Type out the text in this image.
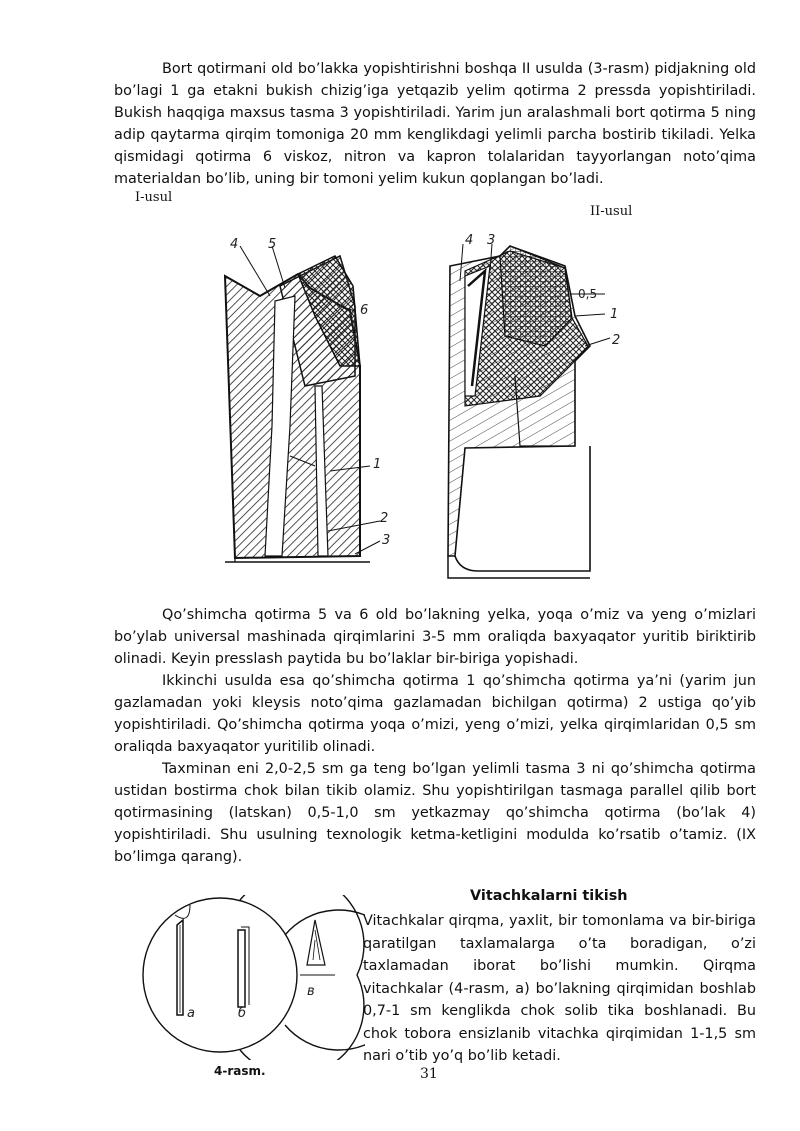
Bort qotirmani old bo’lakka yopishtirishni boshqa II usulda (3-rasm) pidjakning old bo’lagi 1 ga etakni bukish chizig’iga yetqazib yelim qotirma 2 pressda yopishtiriladi. Bukish haqqiga maxsus tasma 3 yopishtiriladi. Yarim jun aralashmali bort qotirma 5 ning adip qaytarma qirqim tomoniga 20 mm kenglikdagi yelimli parcha bostirib tikiladi. Yelka qismidagi qotirma 6 viskoz, nitron va kapron tolalaridan tayyorlangan noto’qima materialdan bo’lib, uning bir tomoni yelim kukun qoplangan bo’ladi.

I-usul
II-usul
4 5
6
1
2
3
4 3
0,5
1
2

Qo’shimcha qotirma 5 va 6 old bo’lakning yelka, yoqa o’miz va yeng o’mizlari bo’ylab universal mashinada qirqimlarini 3-5 mm oraliqda baxyaqator yuritib biriktirib olinadi. Keyin presslash paytida bu bo’laklar bir-biriga yopishadi.

Ikkinchi usulda esa qo’shimcha qotirma 1 qo’shimcha qotirma ya’ni (yarim jun gazlamadan yoki kleysis noto’qima gazlamadan bichilgan qotirma) 2 ustiga qo’yib yopishtiriladi. Qo’shimcha qotirma yoqa o’mizi, yeng o’mizi, yelka qirqimlaridan 0,5 sm oraliqda baxyaqator yuritilib olinadi.

Taxminan eni 2,0-2,5 sm ga teng bo’lgan yelimli tasma 3 ni qo’shimcha qotirma ustidan bostirma chok bilan tikib olamiz. Shu yopishtirilgan tasmaga parallel qilib bort qotirmasining (latskan) 0,5-1,0 sm yetkazmay qo’shimcha qotirma (bo’lak 4) yopishtiriladi. Shu usulning texnologik ketma-ketligini modulda ko’rsatib o’tamiz. (IX bo’limga qarang).

Vitachkalarni tikish
a	б
в

Vitachkalar qirqma, yaxlit, bir tomonlama va bir-biriga qaratilgan taxlamalarga o’ta boradigan, o’zi taxlamadan iborat bo’lishi mumkin. Qirqma vitachkalar (4-rasm, a) bo’lakning qirqimidan boshlab 0,7-1 sm kenglikda chok solib tika boshlanadi. Bu chok tobora ensizlanib vitachka qirqimidan 1-1,5 sm nari o’tib yo’q bo’lib ketadi.

4-rasm.	31
